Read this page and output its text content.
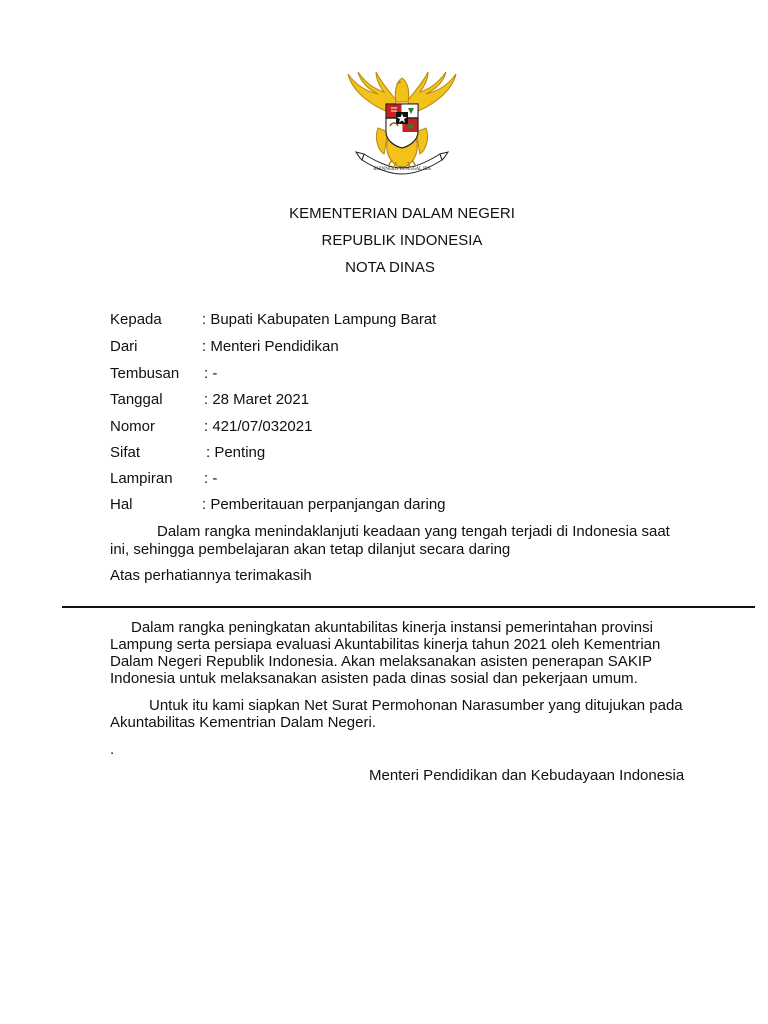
BHINNEKA TUNGGAL IKA
KEMENTERIAN DALAM NEGERI
REPUBLIK INDONESIA
NOTA DINAS
Kepada	: Bupati Kabupaten Lampung Barat
Dari	: Menteri Pendidikan
Tembusan : -
Tanggal	: 28 Maret 2021
Nomor	: 421/07/032021
Sifat	: Penting
Lampiran : -
Hal	: Pemberitauan perpanjangan daring
Dalam rangka menindaklanjuti keadaan yang tengah terjadi di Indonesia saat
ini, sehingga pembelajaran akan tetap dilanjut secara daring
Atas perhatiannya terimakasih
Dalam rangka peningkatan akuntabilitas kinerja instansi pemerintahan provinsi
Lampung serta persiapa evaluasi Akuntabilitas kinerja tahun 2021 oleh Kementrian
Dalam Negeri Republik Indonesia. Akan melaksanakan asisten penerapan SAKIP
Indonesia untuk melaksanakan asisten pada dinas sosial dan pekerjaan umum.
Untuk itu kami siapkan Net Surat Permohonan Narasumber yang ditujukan pada
Akuntabilitas Kementrian Dalam Negeri.
.
Menteri Pendidikan dan Kebudayaan Indonesia
